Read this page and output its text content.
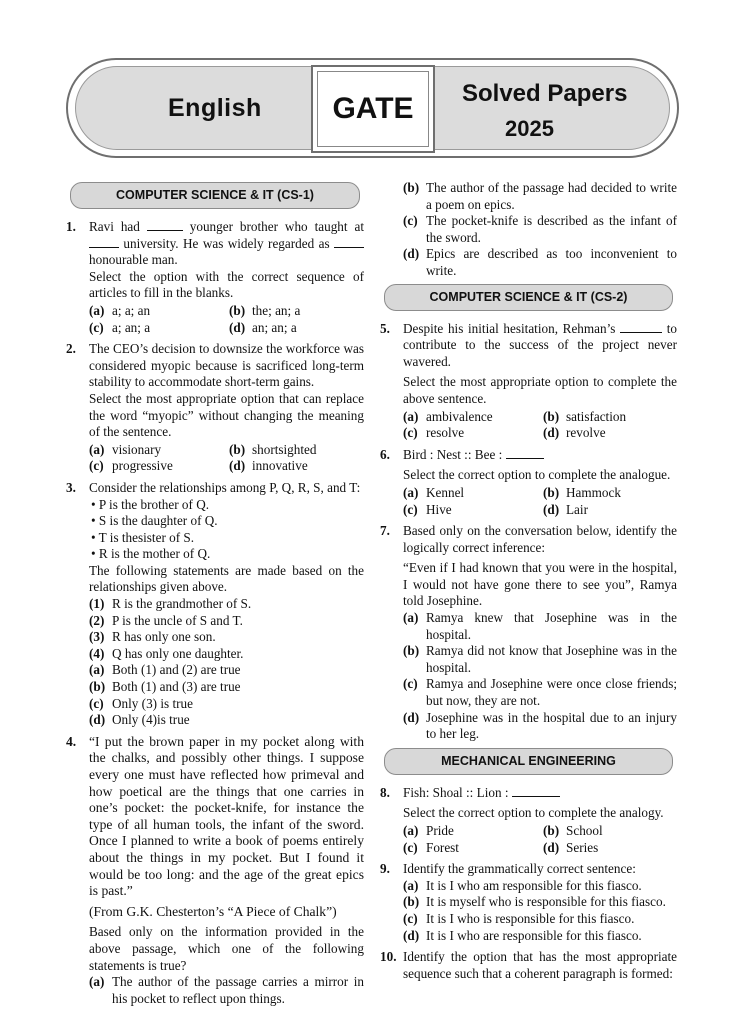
English	GATE	Solved Papers
2025
COMPUTER SCIENCE & IT (CS-1)
1. Ravi had	younger brother who taught at  university. He was widely regarded as  honourable man.

Select the option with the correct sequence of articles to fill in the blanks.

(a) a; a; an	(b) the; an; a
(c) a; an; a	(d) an; an; a
2. The CEO’s decision to downsize the workforce was considered myopic because is sacrificed long-term stability to accommodate short-term gains.

Select the most appropriate option that can replace the word “myopic” without changing the meaning of the sentence.

(a) visionary	(b) shortsighted
(c) progressive	(d) innovative
3. Consider the relationships among P, Q, R, S, and T:

• P is the brother of Q.
• S is the daughter of Q.
• T is thesister of S.
• R is the mother of Q.

The following statements are made based on the relationships given above.

(1) R is the grandmother of S.
(2) P is the uncle of S and T.
(3) R has only one son.
(4) Q has only one daughter.
(a) Both (1) and (2) are true
(b) Both (1) and (3) are true
(c) Only (3) is true
(d) Only (4)is true
4. “I put the brown paper in my pocket along with the chalks, and possibly other things. I suppose every one must have reflected how primeval and how poetical are the things that one carries in one’s pocket: the pocket-knife, for instance the type of all human tools, the infant of the sword. Once I planned to write a book of poems entirely about the things in my pocket. But I found it would be too long: and the age of the great epics is past.”

(From G.K. Chesterton’s “A Piece of Chalk”)

Based only on the information provided in the above passage, which one of the following statements is true?

(a) The author of the passage carries a mirror in his pocket to reflect upon things.
(b) The author of the passage had decided to write a poem on epics.
(c) The pocket-knife is described as the infant of the sword.
(d) Epics are described as too inconvenient to write.
COMPUTER SCIENCE & IT (CS-2)
5. Despite his initial hesitation, Rehman’s	to contribute to the success of the project never wavered.

Select the most appropriate option to complete the above sentence.

(a) ambivalence	(b) satisfaction
(c) resolve	(d) revolve
6. Bird : Nest :: Bee :

Select the correct option to complete the analogue.

(a) Kennel	(b) Hammock
(c) Hive	(d) Lair
7. Based only on the conversation below, identify the logically correct inference:

“Even if I had known that you were in the hospital, I would not have gone there to see you”, Ramya told Josephine.

(a) Ramya knew that Josephine was in the hospital.
(b) Ramya did not know that Josephine was in the hospital.
(c) Ramya and Josephine were once close friends; but now, they are not.
(d) Josephine was in the hospital due to an injury to her leg.
MECHANICAL ENGINEERING
8. Fish: Shoal :: Lion :

Select the correct option to complete the analogy.

(a) Pride	(b) School
(c) Forest	(d) Series
9. Identify the grammatically correct sentence:

(a) It is I who am responsible for this fiasco.
(b) It is myself who is responsible for this fiasco.
(c) It is I who is responsible for this fiasco.
(d) It is I who are responsible for this fiasco.
10. Identify the option that has the most appropriate sequence such that a coherent paragraph is formed:
